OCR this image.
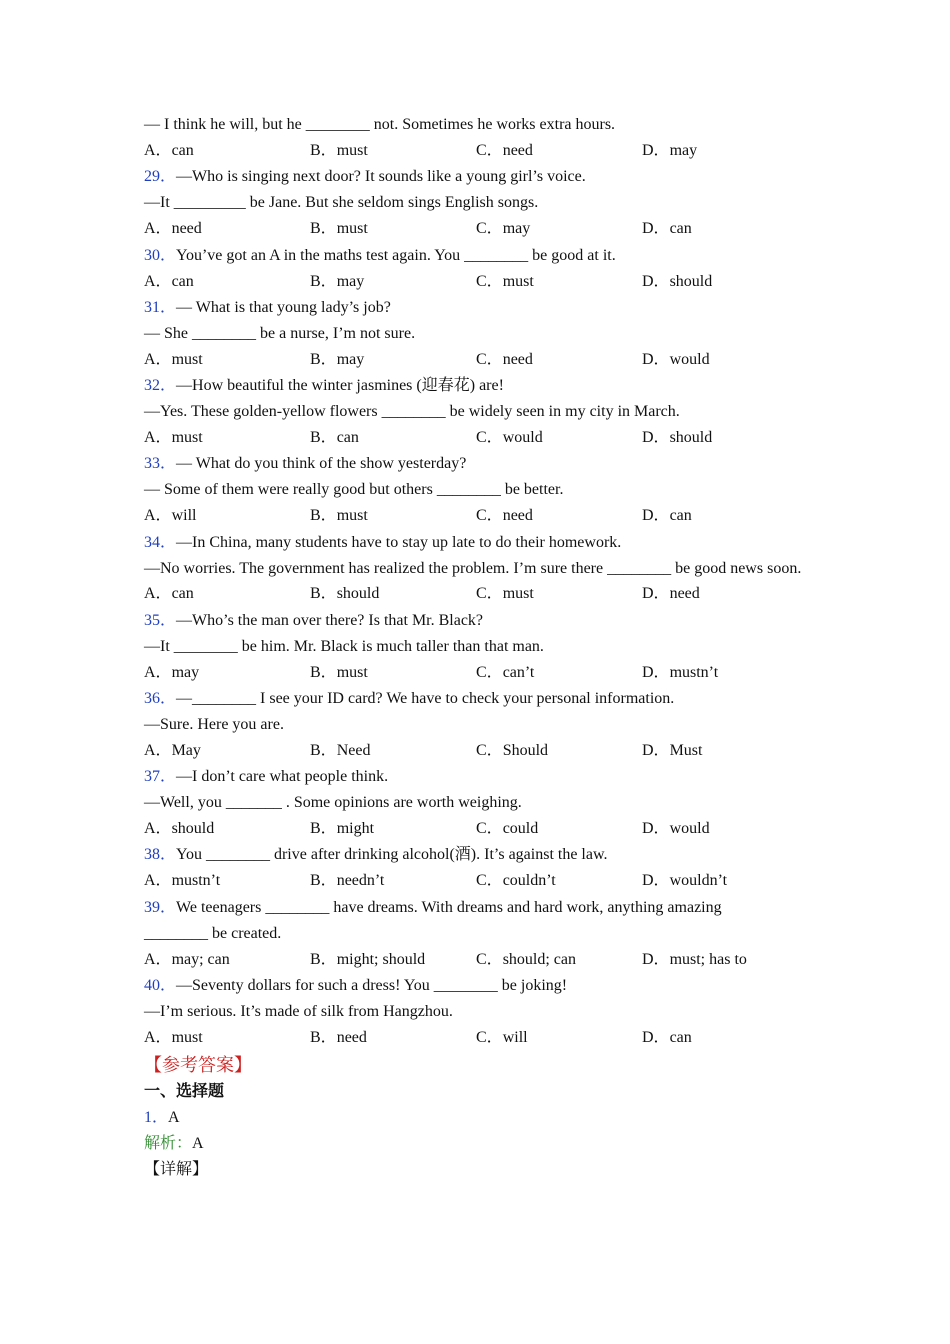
— I think he will, but he ________ not. Sometimes he works extra hours.
A．can	B．must	C．need	D．may
29．—Who is singing next door? It sounds like a young girl’s voice.
—It _________ be Jane. But she seldom sings English songs.
A．need	B．must	C．may	D．can
30．You’ve got an A in the maths test again. You ________ be good at it.
A．can	B．may	C．must	D．should
31．— What is that young lady’s job?
— She ________ be a nurse, I’m not sure.
A．must	B．may	C．need	D．would
32．—How beautiful the winter jasmines (迎春花) are!
—Yes. These golden-yellow flowers ________ be widely seen in my city in March.
A．must	B．can	C．would	D．should
33．— What do you think of the show yesterday?
— Some of them were really good but others ________ be better.
A．will	B．must	C．need	D．can
34．—In China, many students have to stay up late to do their homework.
—No worries. The government has realized the problem. I’m sure there ________ be good news soon.
A．can	B．should	C．must	D．need
35．—Who’s the man over there? Is that Mr. Black?
—It ________ be him. Mr. Black is much taller than that man.
A．may	B．must	C．can’t	D．mustn’t
36．—________ I see your ID card? We have to check your personal information.
—Sure. Here you are.
A．May	B．Need	C．Should	D．Must
37．—I don’t care what people think.
—Well, you _______ . Some opinions are worth weighing.
A．should	B．might	C．could	D．would
38．You ________ drive after drinking alcohol(酒). It’s against the law.
A．mustn’t	B．needn’t	C．couldn’t	D．wouldn’t
39．We teenagers ________ have dreams. With dreams and hard work, anything amazing
________ be created.
A．may; can	B．might; should	C．should; can	D．must; has to
40．—Seventy dollars for such a dress! You ________ be joking!
—I’m serious. It’s made of silk from Hangzhou.
A．must	B．need	C．will	D．can
【参考答案】
一、选择题
1．A
解析：A
【详解】
